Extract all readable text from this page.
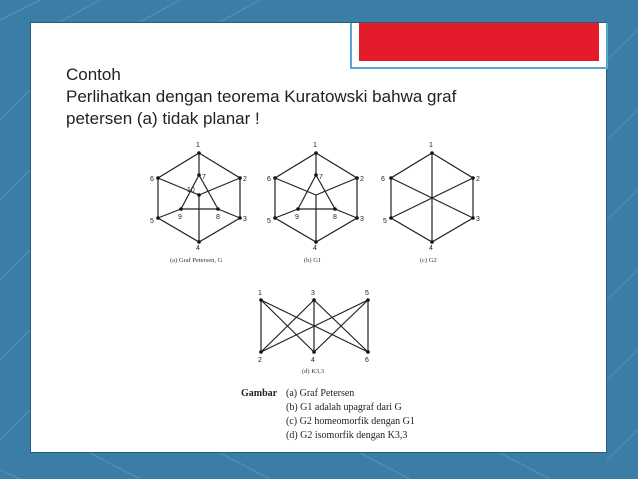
Contoh
Perlihatkan dengan teorema Kuratowski bahwa graf
petersen (a) tidak planar !
1
2
3
4
5
6	7
8
9
10
(a) Graf Petersen, G
1
2
3
4
5
6	7
8
9
(b) G1
1
2
3
4
5
6
(c) G2
1	3	5
2	4	6
(d) K3,3
Gambar (a) Graf Petersen
(b) G1 adalah upagraf dari G
(c) G2 homeomorfik dengan G1
(d) G2 isomorfik dengan K3,3
